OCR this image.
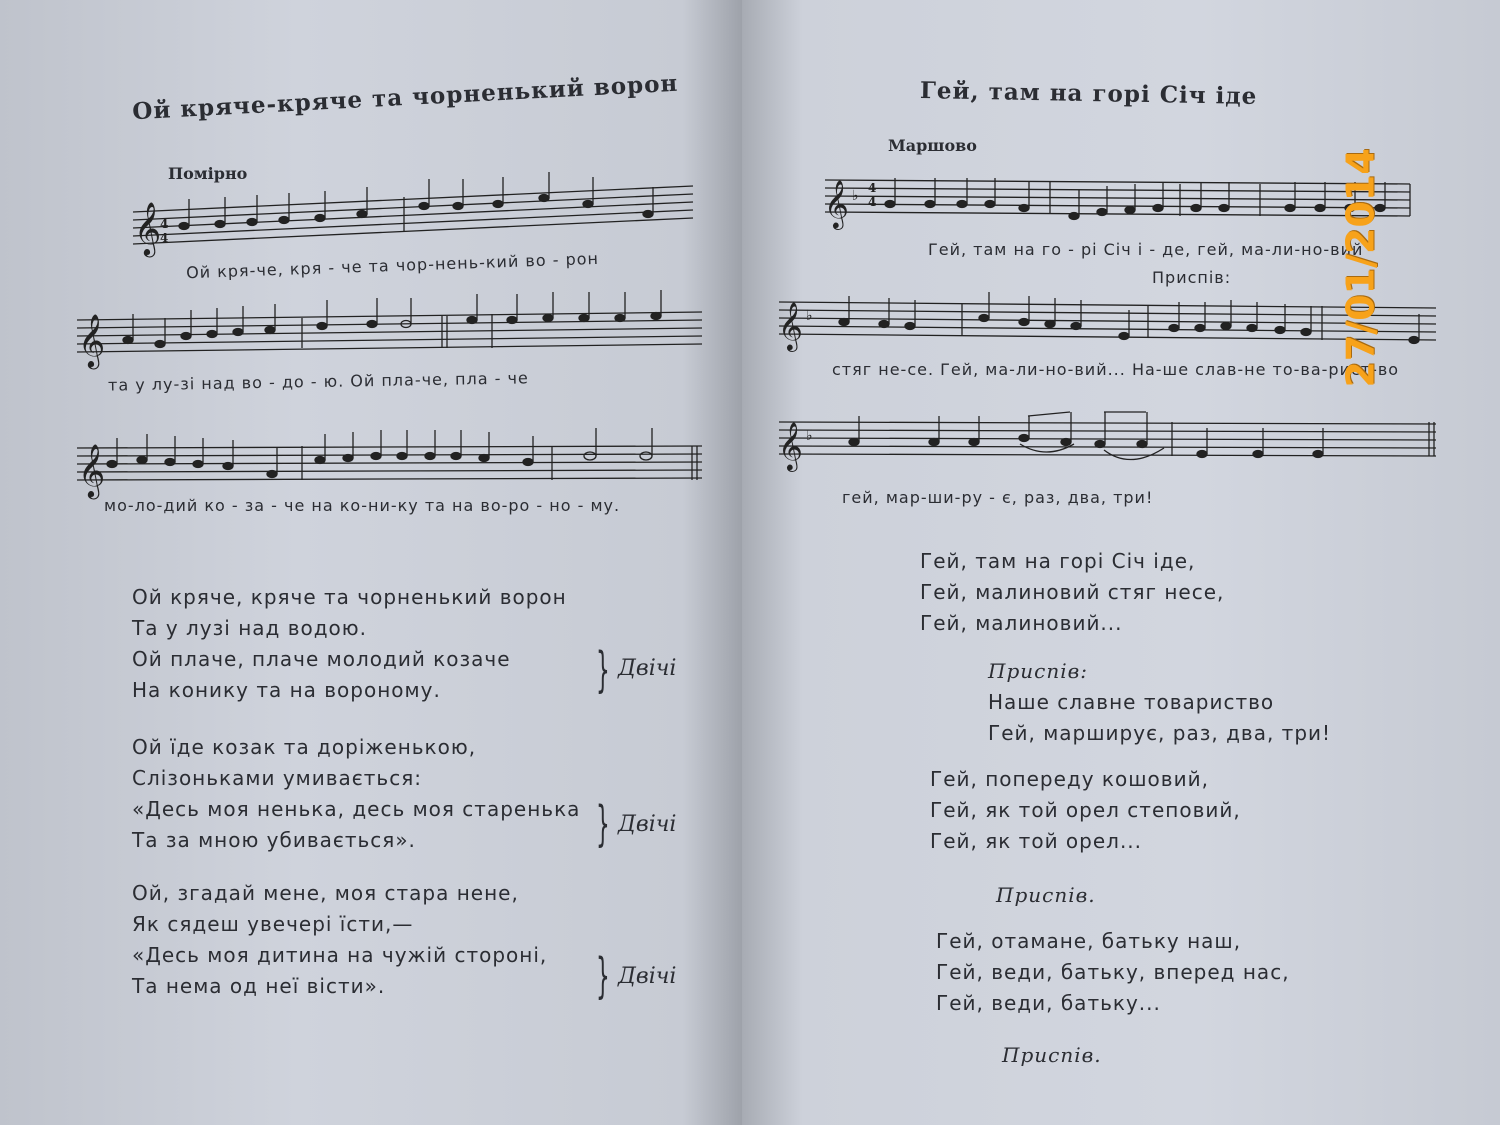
Ой кряче-кряче та чорненький ворон
Помірно
𝄞
4
4
Ой кря-че, кря - че та чор-нень-кий во - рон
𝄞
та у лу-зі над во - до - ю. Ой пла-че, пла - че
𝄞
мо-ло-дий ко - за - че на ко-ни-ку та на во-ро - но - му.
Ой кряче, кряче та чорненький ворон
Та у лузі над водою.
Ой плаче, плаче молодий козаче
На конику та на вороному.	} Двічі
Ой їде козак та доріженькою,
Слізоньками умивається:
«Десь моя ненька, десь моя старенька
Та за мною убивається».	} Двічі
Ой, згадай мене, моя стара нене,
Як сядеш увечері їсти,—
«Десь моя дитина на чужій стороні,
Та нема од неї вісти».	} Двічі
Гей, там на горі Січ іде
Маршово
𝄞 ♭ 4
4
Гей, там на го - рі Січ і - де, гей, ма-ли-но-вий
Приспів:
𝄞 ♭
стяг не-се. Гей, ма-ли-но-вий... На-ше слав-не то-ва-рист-во
𝄞 ♭
гей, мар-ши-ру - є, раз, два, три!
Гей, там на горі Січ іде,
Гей, малиновий стяг несе,
Гей, малиновий...
Приспів:
Наше славне товариство
Гей, марширує, раз, два, три!
Гей, попереду кошовий,
Гей, як той орел степовий,
Гей, як той орел...
Приспів.
Гей, отамане, батьку наш,
Гей, веди, батьку, вперед нас,
Гей, веди, батьку...
Приспів.
27/01/2014
